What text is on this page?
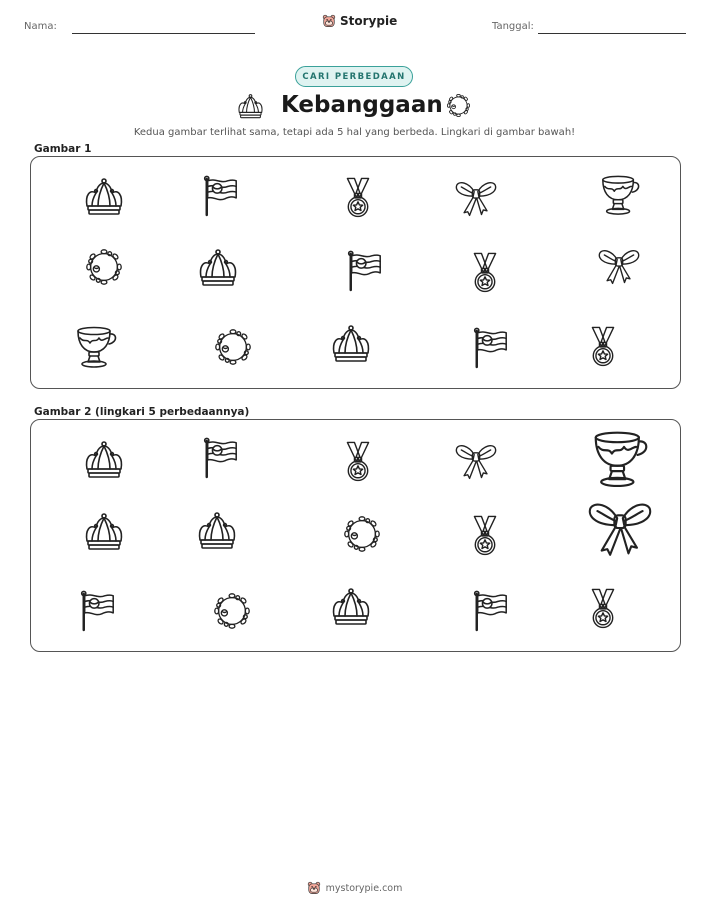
Nama:	Storypie	Tanggal:
CARI PERBEDAAN
Kebanggaan
Kedua gambar terlihat sama, tetapi ada 5 hal yang berbeda. Lingkari di gambar bawah!
Gambar 1
Gambar 2 (lingkari 5 perbedaannya)
mystorypie.com
